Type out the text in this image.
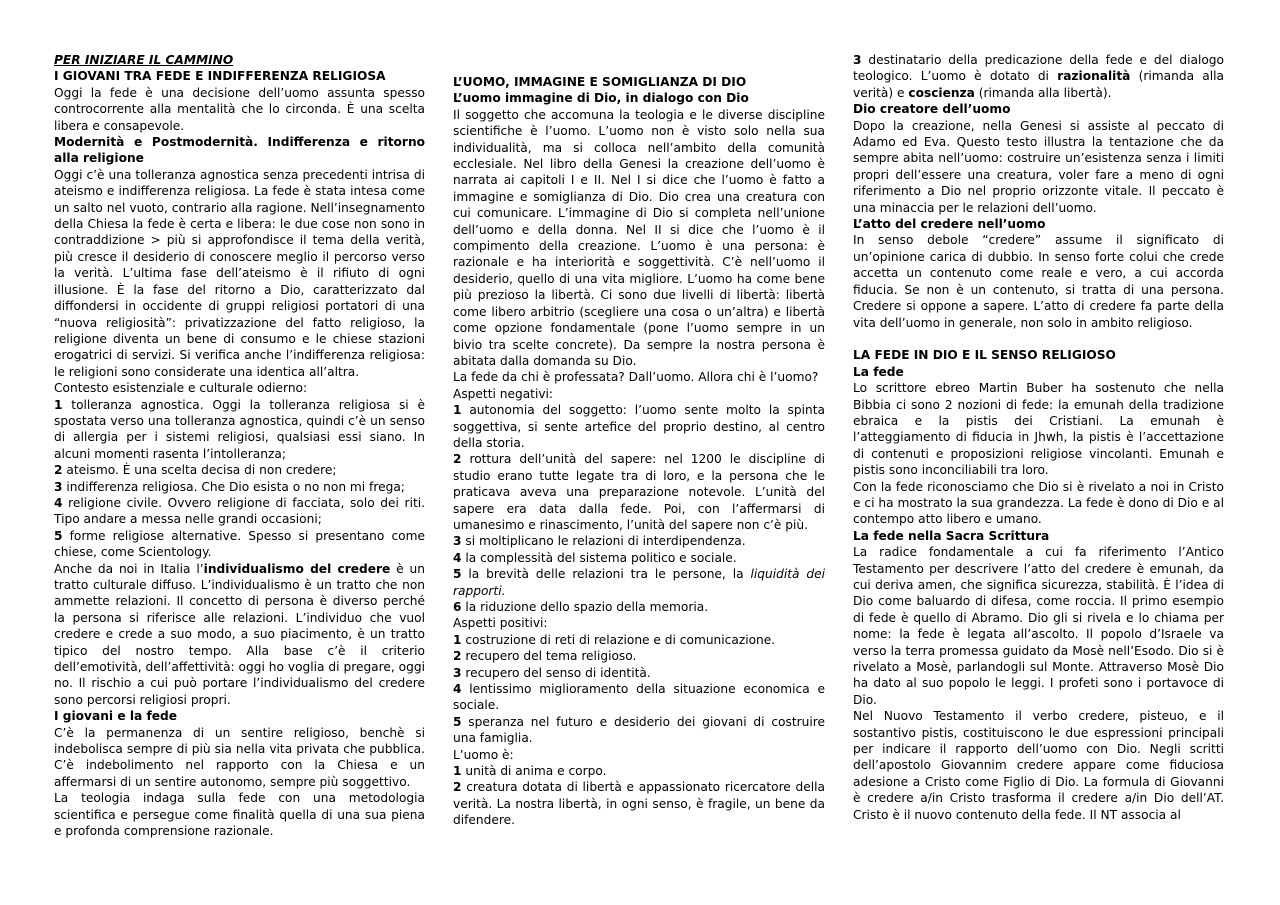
PER INIZIARE IL CAMMINO

I GIOVANI TRA FEDE E INDIFFERENZA RELIGIOSA

Oggi la fede è una decisione dell’uomo assunta spesso controcorrente alla mentalità che lo circonda. È una scelta libera e consapevole.

Modernità e Postmodernità. Indifferenza e ritorno alla religione

Oggi c’è una tolleranza agnostica senza precedenti intrisa di ateismo e indifferenza religiosa. La fede è stata intesa come un salto nel vuoto, contrario alla ragione. Nell’insegnamento della Chiesa la fede è certa e libera: le due cose non sono in contraddizione > più si approfondisce il tema della verità, più cresce il desiderio di conoscere meglio il percorso verso la verità. L’ultima fase dell’ateismo è il rifiuto di ogni illusione. È la fase del ritorno a Dio, caratterizzato dal diffondersi in occidente di gruppi religiosi portatori di una “nuova religiosità”: privatizzazione del fatto religioso, la religione diventa un bene di consumo e le chiese stazioni erogatrici di servizi. Si verifica anche l’indifferenza religiosa: le religioni sono considerate una identica all’altra.

Contesto esistenziale e culturale odierno:

1 tolleranza agnostica. Oggi la tolleranza religiosa si è spostata verso una tolleranza agnostica, quindi c’è un senso di allergia per i sistemi religiosi, qualsiasi essi siano. In alcuni momenti rasenta l’intolleranza;

2 ateismo. È una scelta decisa di non credere;

3 indifferenza religiosa. Che Dio esista o no non mi frega;

4 religione civile. Ovvero religione di facciata, solo dei riti. Tipo andare a messa nelle grandi occasioni;

5 forme religiose alternative. Spesso si presentano come chiese, come Scientology.

Anche da noi in Italia l’individualismo del credere è un tratto culturale diffuso. L’individualismo è un tratto che non ammette relazioni. Il concetto di persona è diverso perché la persona si riferisce alle relazioni. L’individuo che vuol credere e crede a suo modo, a suo piacimento, è un tratto tipico del nostro tempo. Alla base c’è il criterio dell’emotività, dell’affettività: oggi ho voglia di pregare, oggi no. Il rischio a cui può portare l’individualismo del credere sono percorsi religiosi propri.

I giovani e la fede

C’è la permanenza di un sentire religioso, benchè si indebolisca sempre di più sia nella vita privata che pubblica. C’è indebolimento nel rapporto con la Chiesa e un affermarsi di un sentire autonomo, sempre più soggettivo.

La teologia indaga sulla fede con una metodologia scientifica e persegue come finalità quella di una sua piena e profonda comprensione razionale.

L’UOMO, IMMAGINE E SOMIGLIANZA DI DIO

L’uomo immagine di Dio, in dialogo con Dio

Il soggetto che accomuna la teologia e le diverse discipline scientifiche è l’uomo. L’uomo non è visto solo nella sua individualità, ma si colloca nell’ambito della comunità ecclesiale. Nel libro della Genesi la creazione dell’uomo è narrata ai capitoli I e II. Nel I si dice che l’uomo è fatto a immagine e somiglianza di Dio. Dio crea una creatura con cui comunicare. L’immagine di Dio si completa nell’unione dell’uomo e della donna. Nel II si dice che l’uomo è il compimento della creazione. L’uomo è una persona: è razionale e ha interiorità e soggettività. C’è nell’uomo il desiderio, quello di una vita migliore. L’uomo ha come bene più prezioso la libertà. Ci sono due livelli di libertà: libertà come libero arbitrio (scegliere una cosa o un’altra) e libertà come opzione fondamentale (pone l’uomo sempre in un bivio tra scelte concrete). Da sempre la nostra persona è abitata dalla domanda su Dio.

La fede da chi è professata? Dall’uomo. Allora chi è l’uomo?

Aspetti negativi:

1 autonomia del soggetto: l’uomo sente molto la spinta soggettiva, si sente artefice del proprio destino, al centro della storia.

2 rottura dell’unità del sapere: nel 1200 le discipline di studio erano tutte legate tra di loro, e la persona che le praticava aveva una preparazione notevole. L’unità del sapere era data dalla fede. Poi, con l’affermarsi di umanesimo e rinascimento, l’unità del sapere non c’è più.

3 si moltiplicano le relazioni di interdipendenza.

4 la complessità del sistema politico e sociale.

5 la brevità delle relazioni tra le persone, la liquidità dei rapporti.

6 la riduzione dello spazio della memoria.

Aspetti positivi:

1 costruzione di reti di relazione e di comunicazione.

2 recupero del tema religioso.

3 recupero del senso di identità.

4 lentissimo miglioramento della situazione economica e sociale.

5 speranza nel futuro e desiderio dei giovani di costruire una famiglia.

L’uomo è:

1 unità di anima e corpo.

2 creatura dotata di libertà e appassionato ricercatore della verità. La nostra libertà, in ogni senso, è fragile, un bene da difendere.

3 destinatario della predicazione della fede e del dialogo teologico. L’uomo è dotato di razionalità (rimanda alla verità) e coscienza (rimanda alla libertà).

Dio creatore dell’uomo

Dopo la creazione, nella Genesi si assiste al peccato di Adamo ed Eva. Questo testo illustra la tentazione che da sempre abita nell’uomo: costruire un’esistenza senza i limiti propri dell’essere una creatura, voler fare a meno di ogni riferimento a Dio nel proprio orizzonte vitale. Il peccato è una minaccia per le relazioni dell’uomo.

L’atto del credere nell’uomo

In senso debole “credere” assume il significato di un’opinione carica di dubbio. In senso forte colui che crede accetta un contenuto come reale e vero, a cui accorda fiducia. Se non è un contenuto, si tratta di una persona. Credere si oppone a sapere. L’atto di credere fa parte della vita dell’uomo in generale, non solo in ambito religioso.

LA FEDE IN DIO E IL SENSO RELIGIOSO

La fede

Lo scrittore ebreo Martin Buber ha sostenuto che nella Bibbia ci sono 2 nozioni di fede: la emunah della tradizione ebraica e la pistis dei Cristiani. La emunah è l’atteggiamento di fiducia in Jhwh, la pistis è l’accettazione di contenuti e proposizioni religiose vincolanti. Emunah e pistis sono inconciliabili tra loro.

Con la fede riconosciamo che Dio si è rivelato a noi in Cristo e ci ha mostrato la sua grandezza. La fede è dono di Dio e al contempo atto libero e umano.

La fede nella Sacra Scrittura

La radice fondamentale a cui fa riferimento l’Antico Testamento per descrivere l’atto del credere è emunah, da cui deriva amen, che significa sicurezza, stabilità. È l’idea di Dio come baluardo di difesa, come roccia. Il primo esempio di fede è quello di Abramo. Dio gli si rivela e lo chiama per nome: la fede è legata all’ascolto. Il popolo d’Israele va verso la terra promessa guidato da Mosè nell’Esodo. Dio si è rivelato a Mosè, parlandogli sul Monte. Attraverso Mosè Dio ha dato al suo popolo le leggi. I profeti sono i portavoce di Dio.

Nel Nuovo Testamento il verbo credere, pisteuo, e il sostantivo pistis, costituiscono le due espressioni principali per indicare il rapporto dell’uomo con Dio. Negli scritti dell’apostolo Giovannim credere appare come fiduciosa adesione a Cristo come Figlio di Dio. La formula di Giovanni è credere a/in Cristo trasforma il credere a/in Dio dell’AT. Cristo è il nuovo contenuto della fede. Il NT associa al
